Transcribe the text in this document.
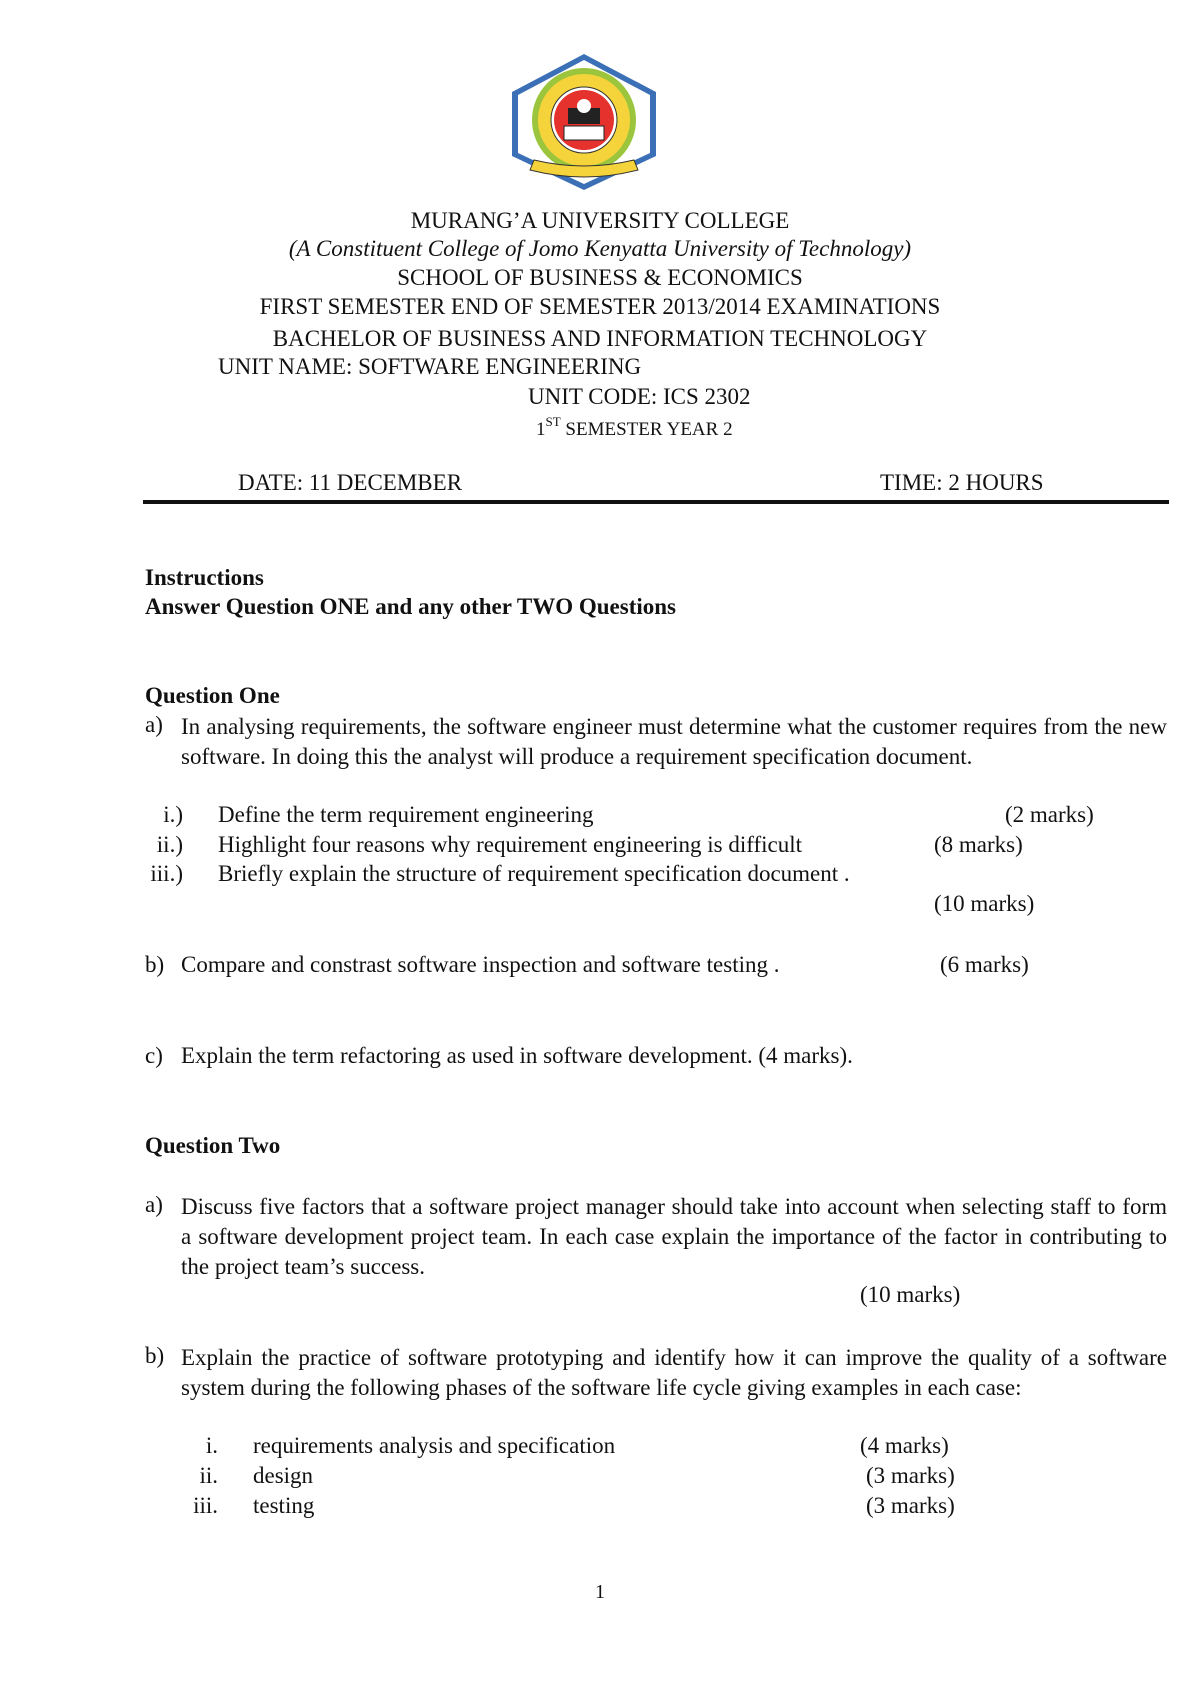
MURANG’A UNIVERSITY COLLEGE
(A Constituent College of Jomo Kenyatta University of Technology)
SCHOOL OF BUSINESS & ECONOMICS
FIRST SEMESTER END OF SEMESTER 2013/2014 EXAMINATIONS
BACHELOR OF BUSINESS AND INFORMATION TECHNOLOGY
UNIT NAME: SOFTWARE ENGINEERING
UNIT CODE: ICS 2302
1ST SEMESTER YEAR 2
DATE: 11 DECEMBER	TIME: 2 HOURS
Instructions
Answer Question ONE and any other TWO Questions
Question One
a) In analysing requirements, the software engineer must determine what the customer requires from the new software. In doing this the analyst will produce a requirement specification document.
i.) Define the term requirement engineering	(2 marks)
ii.) Highlight four reasons why requirement engineering is difficult	(8 marks)
iii.) Briefly explain the structure of requirement specification document .
(10 marks)
b) Compare and constrast software inspection and software testing .	(6 marks)
c) Explain the term refactoring as used in software development. (4 marks).
Question Two
a) Discuss five factors that a software project manager should take into account when selecting staff to form a software development project team. In each case explain the importance of the factor in contributing to the project team’s success.
(10 marks)
b) Explain the practice of software prototyping and identify how it can improve the quality of a software system during the following phases of the software life cycle giving examples in each case:
i. requirements analysis and specification	(4 marks)
ii. design	(3 marks)
iii. testing	(3 marks)
1
